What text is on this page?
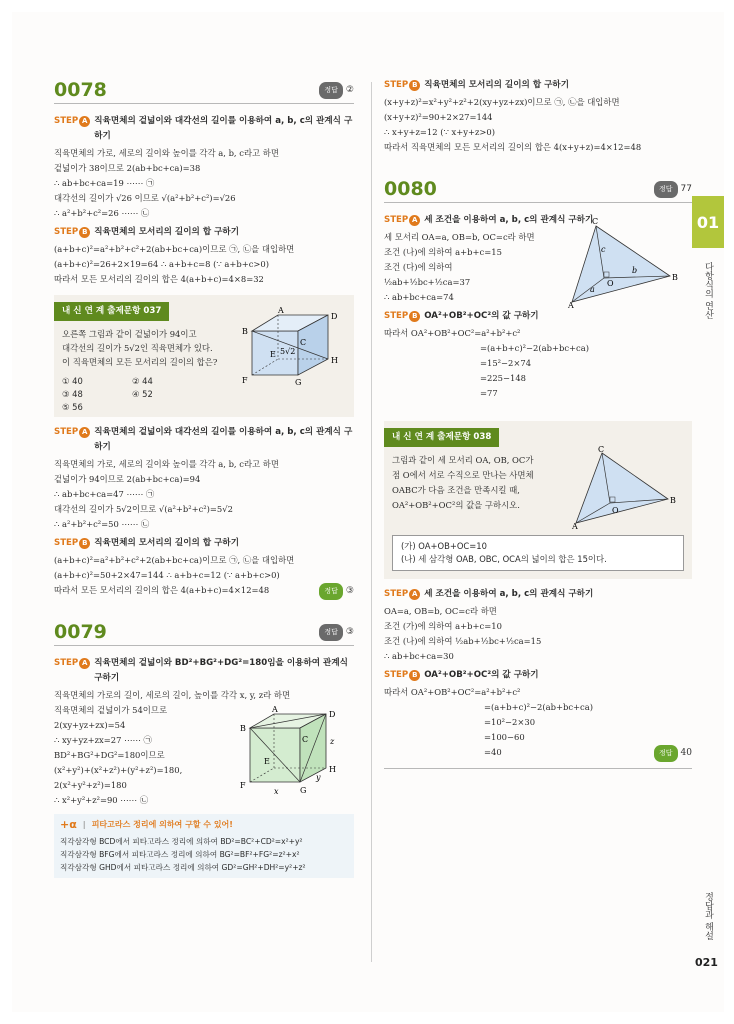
01
다항식의 연산
정답과 해설
021
0078	정답 ②
STEP A 직육면체의 겉넓이와 대각선의 길이를 이용하여 a, b, c의 관계식 구하기
직육면체의 가로, 세로의 길이와 높이를 각각 a, b, c라고 하면
겉넓이가 38이므로 2(ab+bc+ca)=38
∴ ab+bc+ca=19 ⋯⋯ ㉠
대각선의 길이가 √26 이므로 √(a²+b²+c²)=√26
∴ a²+b²+c²=26 ⋯⋯ ㉡
STEP B 직육면체의 모서리의 길이의 합 구하기
(a+b+c)²=a²+b²+c²+2(ab+bc+ca)이므로 ㉠, ㉡을 대입하면
(a+b+c)²=26+2×19=64 ∴ a+b+c=8 (∵ a+b+c>0)
따라서 모든 모서리의 길이의 합은 4(a+b+c)=4×8=32
내 신 연 계 출제문항 037
오른쪽 그림과 같이 겉넓이가 94이고
대각선의 길이가 5√2인 직육면체가 있다.
이 직육면체의 모든 모서리의 길이의 합은?
① 40	② 44
③ 48	④ 52
⑤ 56
A
B
C
D
E
F	G
H
5√2
STEP A 직육면체의 겉넓이와 대각선의 길이를 이용하여 a, b, c의 관계식 구하기
직육면체의 가로, 세로의 길이와 높이를 각각 a, b, c라고 하면
겉넓이가 94이므로 2(ab+bc+ca)=94
∴ ab+bc+ca=47 ⋯⋯ ㉠
대각선의 길이가 5√2이므로 √(a²+b²+c²)=5√2
∴ a²+b²+c²=50 ⋯⋯ ㉡
STEP B 직육면체의 모서리의 길이의 합 구하기
(a+b+c)²=a²+b²+c²+2(ab+bc+ca)이므로 ㉠, ㉡을 대입하면
(a+b+c)²=50+2×47=144 ∴ a+b+c=12 (∵ a+b+c>0)
따라서 모든 모서리의 길이의 합은 4(a+b+c)=4×12=48	정답 ③
0079	정답 ③
STEP A 직육면체의 겉넓이와 BD²+BG²+DG²=180임을 이용하여 관계식 구하기
직육면체의 가로의 길이, 세로의 길이, 높이를 각각 x, y, z라 하면
직육면체의 겉넓이가 54이므로
2(xy+yz+zx)=54
∴ xy+yz+zx=27 ⋯⋯ ㉠
BD²+BG²+DG²=180이므로
(x²+y²)+(x²+z²)+(y²+z²)=180,
2(x²+y²+z²)=180
∴ x²+y²+z²=90 ⋯⋯ ㉡
A
B
C
D
E
F
G
H
x
y
z
+α | 피타고라스 정리에 의하여 구할 수 있어!
직각삼각형 BCD에서 피타고라스 정리에 의하여 BD²=BC²+CD²=x²+y²
직각삼각형 BFG에서 피타고라스 정리에 의하여 BG²=BF²+FG²=z²+x²
직각삼각형 GHD에서 피타고라스 정리에 의하여 GD²=GH²+DH²=y²+z²
STEP B 직육면체의 모서리의 길이의 합 구하기
(x+y+z)²=x²+y²+z²+2(xy+yz+zx)이므로 ㉠, ㉡을 대입하면
(x+y+z)²=90+2×27=144
∴ x+y+z=12 (∵ x+y+z>0)
따라서 직육면체의 모든 모서리의 길이의 합은 4(x+y+z)=4×12=48
0080	정답 77
STEP A 세 조건을 이용하여 a, b, c의 관계식 구하기
세 모서리 OA=a, OB=b, OC=c라 하면
조건 (나)에 의하여 a+b+c=15
조건 (다)에 의하여
½ab+½bc+½ca=37
∴ ab+bc+ca=74
C
B
A
O
a
b
c
STEP B OA²+OB²+OC²의 값 구하기
따라서 OA²+OB²+OC²=a²+b²+c²
=(a+b+c)²−2(ab+bc+ca)
=15²−2×74
=225−148
=77
내 신 연 계 출제문항 038
그림과 같이 세 모서리 OA, OB, OC가
점 O에서 서로 수직으로 만나는 사면체
OABC가 다음 조건을 만족시킬 때,
OA²+OB²+OC²의 값을 구하시오.
C
B
A
O
(가) OA+OB+OC=10
(나) 세 삼각형 OAB, OBC, OCA의 넓이의 합은 15이다.
STEP A 세 조건을 이용하여 a, b, c의 관계식 구하기
OA=a, OB=b, OC=c라 하면
조건 (가)에 의하여 a+b+c=10
조건 (나)에 의하여 ½ab+½bc+½ca=15
∴ ab+bc+ca=30
STEP B OA²+OB²+OC²의 값 구하기
따라서 OA²+OB²+OC²=a²+b²+c²
=(a+b+c)²−2(ab+bc+ca)
=10²−2×30
=100−60
=40	정답 40
